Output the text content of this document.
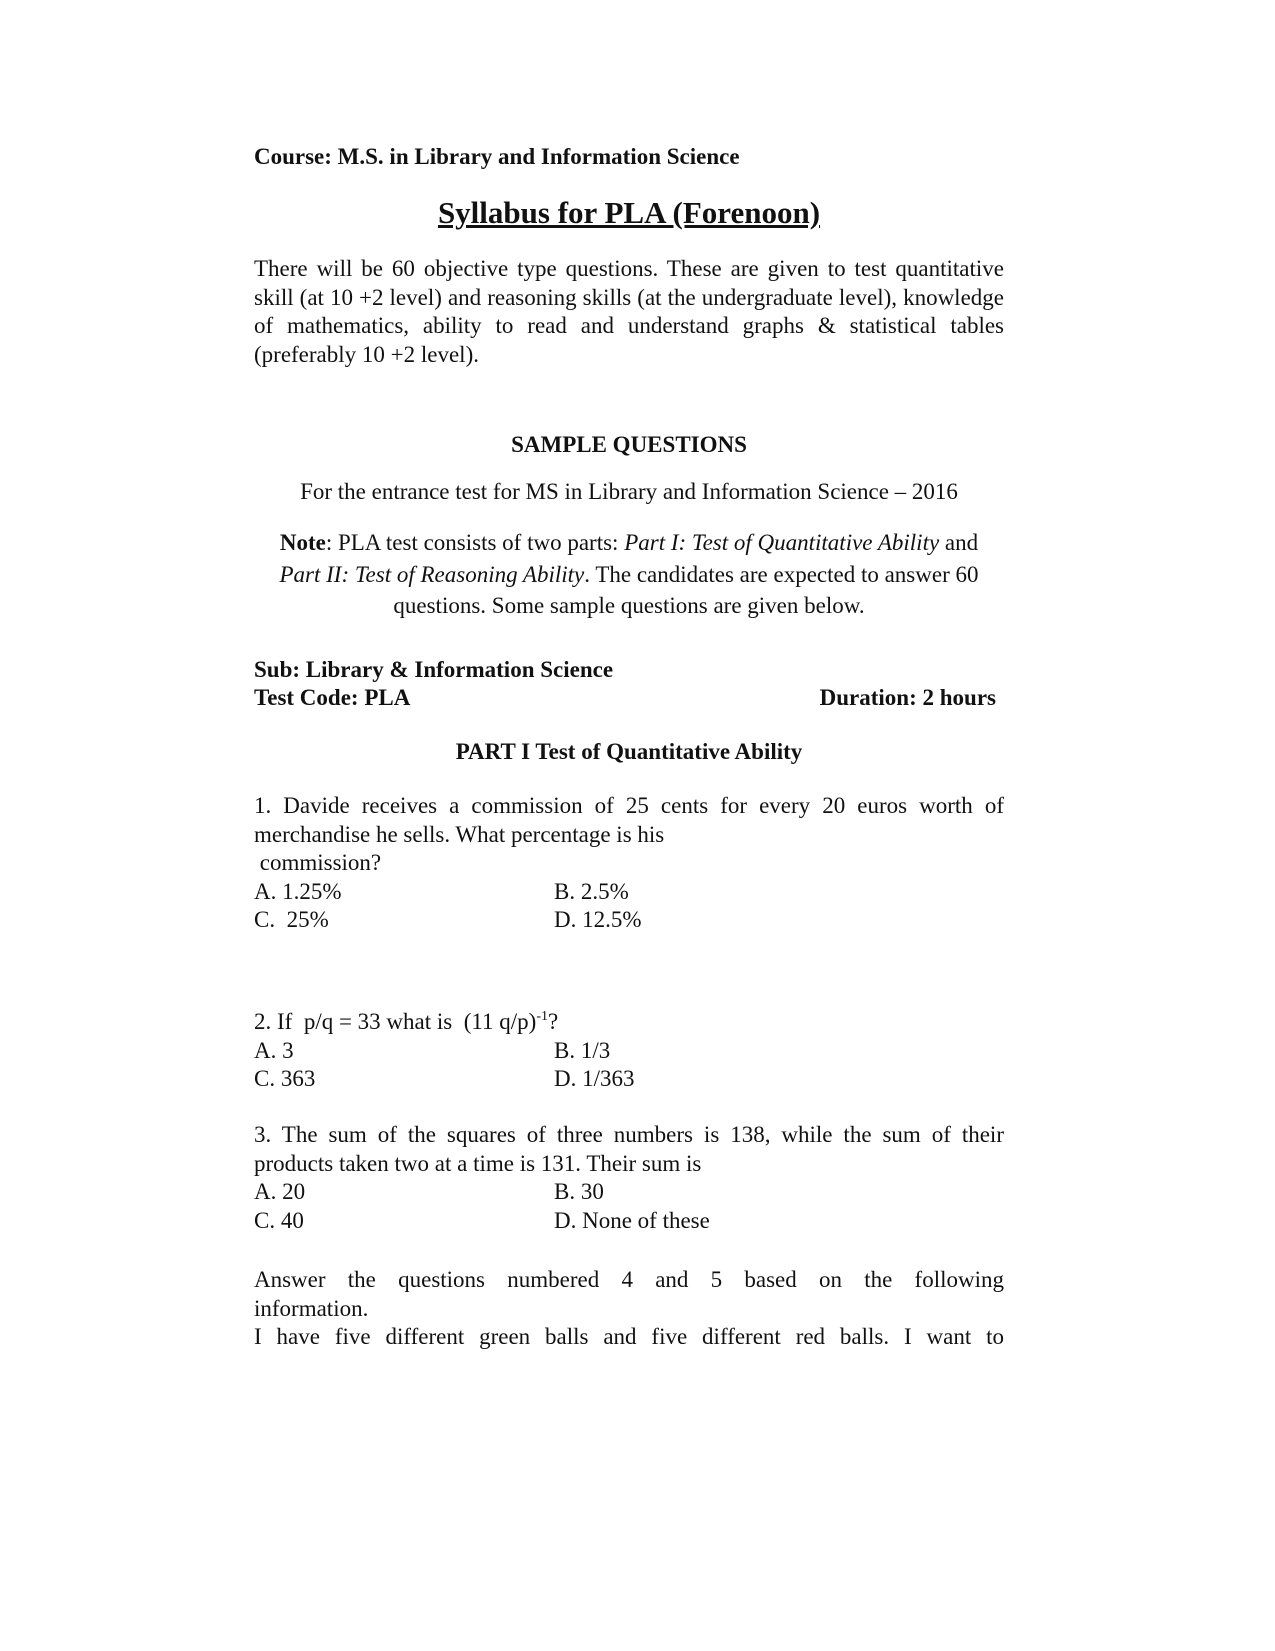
Course: M.S. in Library and Information Science
Syllabus for PLA (Forenoon)
There will be 60 objective type questions. These are given to test quantitative skill (at 10 +2 level) and reasoning skills (at the undergraduate level), knowledge of mathematics, ability to read and understand graphs & statistical tables (preferably 10 +2 level).
SAMPLE QUESTIONS
For the entrance test for MS in Library and Information Science – 2016
Note: PLA test consists of two parts: Part I: Test of Quantitative Ability and Part II: Test of Reasoning Ability. The candidates are expected to answer 60 questions. Some sample questions are given below.
Sub: Library & Information Science
Test Code: PLA	Duration: 2 hours
PART I Test of Quantitative Ability
1. Davide receives a commission of 25 cents for every 20 euros worth of
merchandise he sells. What percentage is his
commission?
A. 1.25%	B. 2.5%
C.  25%	D. 12.5%
2. If  p/q = 33 what is  (11 q/p)$^{-1}$?
A. 3	B. 1/3
C. 363	D. 1/363
3. The sum of the squares of three numbers is 138, while the sum of their
products taken two at a time is 131. Their sum is
A. 20	B. 30
C. 40	D. None of these
Answer the questions numbered 4 and 5 based on the following
information.
I have five different green balls and five different red balls. I want to
